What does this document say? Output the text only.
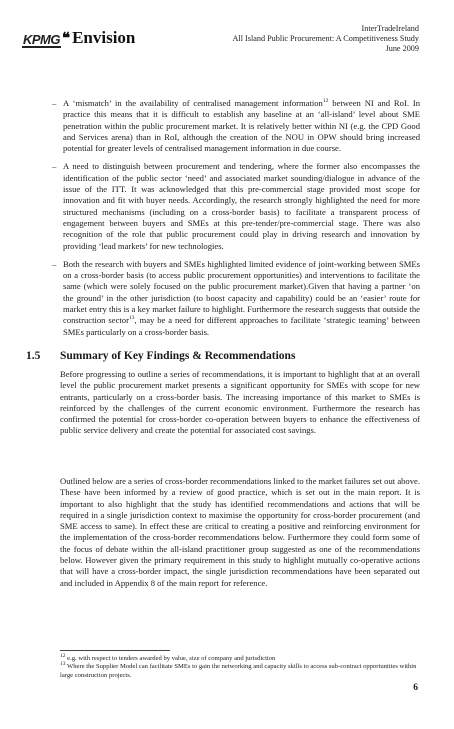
KPMG ❝ Envision	InterTradeIreland
All Island Public Procurement: A Competitiveness Study
June 2009
– A ‘mismatch’ in the availability of centralised management information$^{12}$ between NI and RoI. In practice this means that it is difficult to establish any baseline at an ‘all-island’ level about SME penetration within the public procurement market. It is relatively better within NI (e.g. the CPD Good and Services arena) than in RoI, although the creation of the NOU in OPW should bring increased potential for greater levels of centralised management information in due course.
– A need to distinguish between procurement and tendering, where the former also encompasses the identification of the public sector ‘need’ and associated market sounding/dialogue in advance of the issue of the ITT. It was acknowledged that this pre-commercial stage provided most scope for innovation and fit with buyer needs. Accordingly, the research strongly highlighted the need for more structured mechanisms (including on a cross-border basis) to facilitate a transparent process of engagement between buyers and SMEs at this pre-tender/pre-commercial stage. There was also recognition of the role that public procurement could play in driving research and innovation by providing ‘lead markets’ for new technologies.
– Both the research with buyers and SMEs highlighted limited evidence of joint-working between SMEs on a cross-border basis (to access public procurement opportunities) and interventions to facilitate the same (which were solely focused on the public procurement market).Given that having a partner ‘on the ground’ in the other jurisdiction (to boost capacity and capability) could be an ‘easier’ route for market entry this is a key market failure to highlight. Furthermore the research suggests that outside the construction sector$^{13}$, may be a need for different approaches to facilitate ‘strategic teaming’ between SMEs particularly on a cross-border basis.
1.5 Summary of Key Findings & Recommendations

Before progressing to outline a series of recommendations, it is important to highlight that at an overall level the public procurement market presents a significant opportunity for SMEs with scope for new entrants, particularly on a cross-border basis. The increasing importance of this market to SMEs is reinforced by the challenges of the current economic environment. Furthermore the research has confirmed the potential for cross-border co-operation between buyers to enhance the effectiveness of public service delivery and create the potential for associated cost savings.

Outlined below are a series of cross-border recommendations linked to the market failures set out above. These have been informed by a review of good practice, which is set out in the main report. It is important to also highlight that the study has identified recommendations and actions that will be required in a single jurisdiction context to maximise the opportunity for cross-border procurement (and SME access to same). In effect these are critical to creating a positive and reinforcing environment for the implementation of the cross-border recommendations below. Furthermore they could form some of the focus of debate within the all-island practitioner group suggested as one of the recommendations below. However given the primary requirement in this study to highlight mutually co-operative actions that will have a cross-border impact, the single jurisdiction recommendations have been separated out and included in Appendix 8 of the main report for reference.

$^{12}$ e.g. with respect to tenders awarded by value, size of company and jurisdiction

$^{13}$ Where the Supplier Model can facilitate SMEs to gain the networking and capacity skills to access sub-contract opportunities within large construction projects.

6
